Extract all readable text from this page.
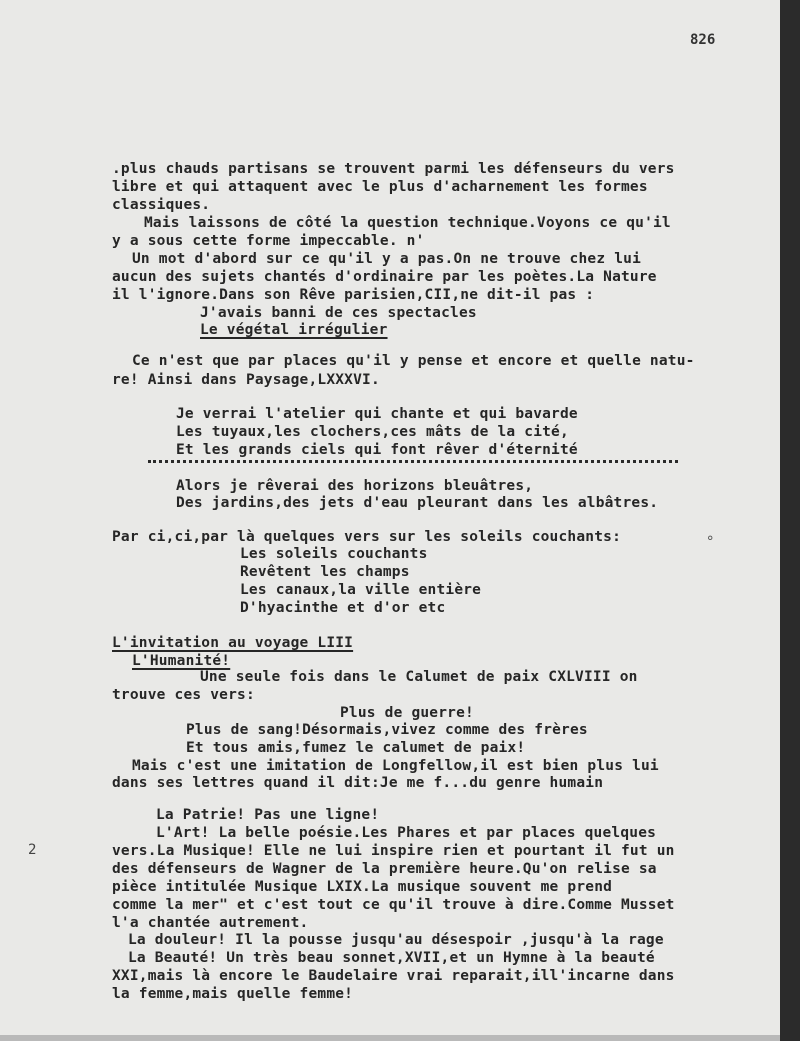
826
.plus chauds partisans se trouvent parmi les défenseurs du vers
libre et qui attaquent avec le plus d'acharnement les formes
classiques.
Mais laissons de côté la question technique.Voyons ce qu'il
y a sous cette forme impeccable. n'
Un mot d'abord sur ce qu'il y a pas.On ne trouve chez lui
aucun des sujets chantés d'ordinaire par les poètes.La Nature
il l'ignore.Dans son Rêve parisien,CII,ne dit-il pas :
J'avais banni de ces spectacles
Le végétal irrégulier
Ce n'est que par places qu'il y pense et encore et quelle natu-
re! Ainsi dans Paysage,LXXXVI.
Je verrai l'atelier qui chante et qui bavarde
Les tuyaux,les clochers,ces mâts de la cité,
Et les grands ciels qui font rêver d'éternité
Alors je rêverai des horizons bleuâtres,
Des jardins,des jets d'eau pleurant dans les albâtres.
Par ci,ci,par là quelques vers sur les soleils couchants:	°
Les soleils couchants
Revêtent les champs
Les canaux,la ville entière
D'hyacinthe et d'or etc
L'invitation au voyage LIII
L'Humanité!
Une seule fois dans le Calumet de paix CXLVIII on
trouve ces vers:
Plus de guerre!
Plus de sang!Désormais,vivez comme des frères
Et tous amis,fumez le calumet de paix!
Mais c'est une imitation de Longfellow,il est bien plus lui
dans ses lettres quand il dit:Je me f...du genre humain
La Patrie! Pas une ligne!
L'Art! La belle poésie.Les Phares et par places quelques
2	vers.La Musique! Elle ne lui inspire rien et pourtant il fut un
des défenseurs de Wagner de la première heure.Qu'on relise sa
pièce intitulée Musique LXIX.La musique souvent me prend
comme la mer" et c'est tout ce qu'il trouve à dire.Comme Musset
l'a chantée autrement.
La douleur! Il la pousse jusqu'au désespoir ,jusqu'à la rage
La Beauté! Un très beau sonnet,XVII,et un Hymne à la beauté
XXI,mais là encore le Baudelaire vrai reparait,ill'incarne dans
la femme,mais quelle femme!
